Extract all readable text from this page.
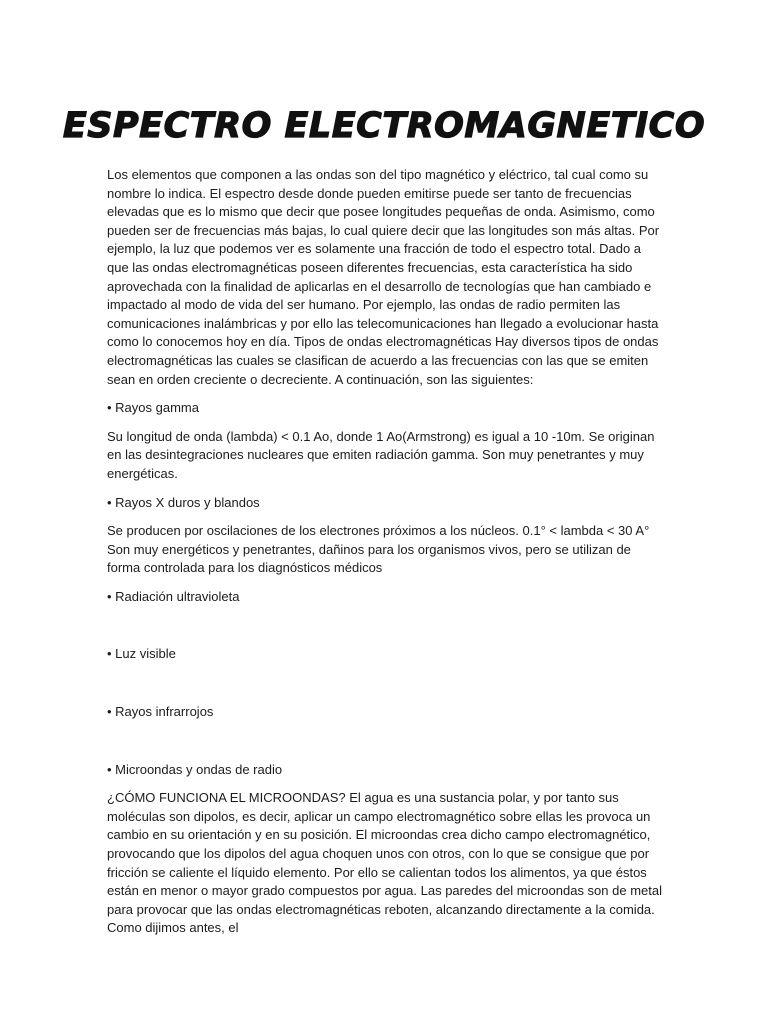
ESPECTRO ELECTROMAGNETICO

Los elementos que componen a las ondas son del tipo magnético y eléctrico, tal cual como su nombre lo indica. El espectro desde donde pueden emitirse puede ser tanto de frecuencias elevadas que es lo mismo que decir que posee longitudes pequeñas de onda. Asimismo, como pueden ser de frecuencias más bajas, lo cual quiere decir que las longitudes son más altas. Por ejemplo, la luz que podemos ver es solamente una fracción de todo el espectro total. Dado a que las ondas electromagnéticas poseen diferentes frecuencias, esta característica ha sido aprovechada con la finalidad de aplicarlas en el desarrollo de tecnologías que han cambiado e impactado al modo de vida del ser humano. Por ejemplo, las ondas de radio permiten las comunicaciones inalámbricas y por ello las telecomunicaciones han llegado a evolucionar hasta como lo conocemos hoy en día. Tipos de ondas electromagnéticas Hay diversos tipos de ondas electromagnéticas las cuales se clasifican de acuerdo a las frecuencias con las que se emiten sean en orden creciente o decreciente. A continuación, son las siguientes:

• Rayos gamma

Su longitud de onda (lambda) < 0.1 Ao, donde 1 Ao(Armstrong) es igual a 10 -10m. Se originan en las desintegraciones nucleares que emiten radiación gamma. Son muy penetrantes y muy energéticas.

• Rayos X duros y blandos

Se producen por oscilaciones de los electrones próximos a los núcleos. 0.1° < lambda < 30 A° Son muy energéticos y penetrantes, dañinos para los organismos vivos, pero se utilizan de forma controlada para los diagnósticos médicos

• Radiación ultravioleta

• Luz visible

• Rayos infrarrojos

• Microondas y ondas de radio

¿CÓMO FUNCIONA EL MICROONDAS? El agua es una sustancia polar, y por tanto sus moléculas son dipolos, es decir, aplicar un campo electromagnético sobre ellas les provoca un cambio en su orientación y en su posición. El microondas crea dicho campo electromagnético, provocando que los dipolos del agua choquen unos con otros, con lo que se consigue que por fricción se caliente el líquido elemento. Por ello se calientan todos los alimentos, ya que éstos están en menor o mayor grado compuestos por agua. Las paredes del microondas son de metal para provocar que las ondas electromagnéticas reboten, alcanzando directamente a la comida. Como dijimos antes, el
